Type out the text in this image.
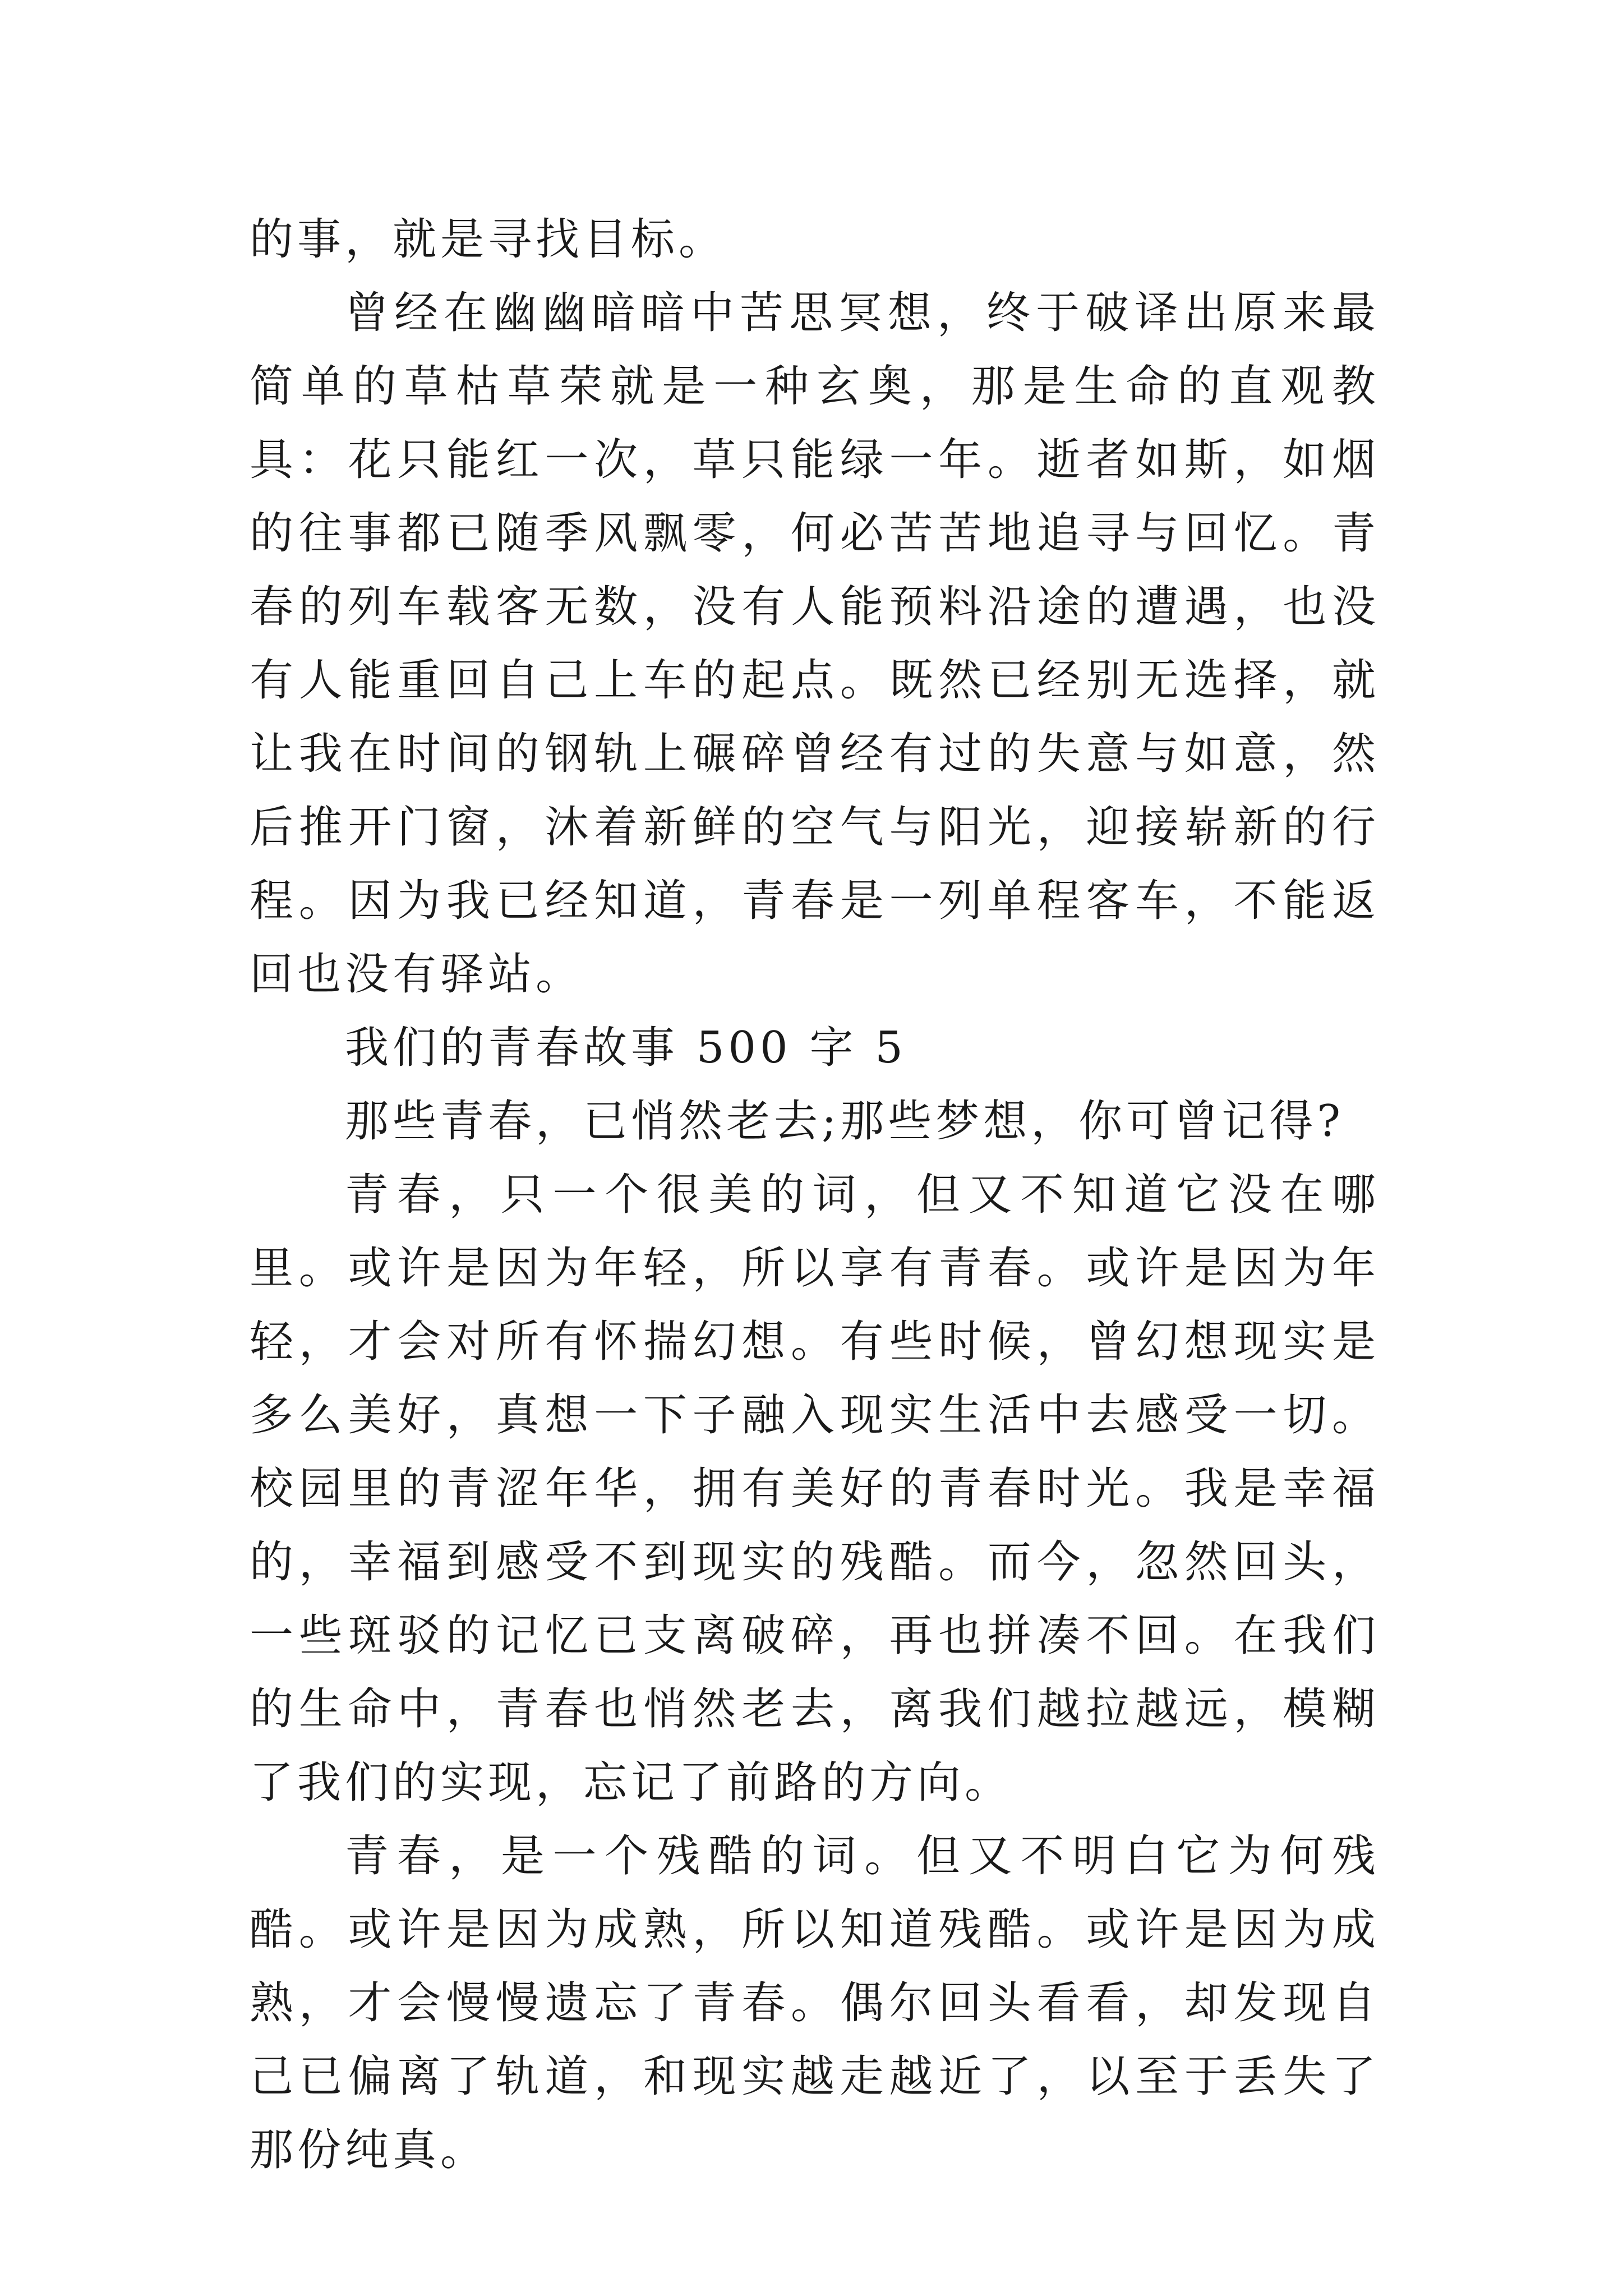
的事，就是寻找目标。

曾经在幽幽暗暗中苦思冥想，终于破译出原来最简单的草枯草荣就是一种玄奥，那是生命的直观教具：花只能红一次，草只能绿一年。逝者如斯，如烟的往事都已随季风飘零，何必苦苦地追寻与回忆。青春的列车载客无数，没有人能预料沿途的遭遇，也没有人能重回自己上车的起点。既然已经别无选择，就让我在时间的钢轨上碾碎曾经有过的失意与如意，然后推开门窗，沐着新鲜的空气与阳光，迎接崭新的行程。因为我已经知道，青春是一列单程客车，不能返回也没有驿站。

我们的青春故事 500 字 5

那些青春，已悄然老去;那些梦想，你可曾记得?

青春，只一个很美的词，但又不知道它没在哪里。或许是因为年轻，所以享有青春。或许是因为年轻，才会对所有怀揣幻想。有些时候，曾幻想现实是多么美好，真想一下子融入现实生活中去感受一切。校园里的青涩年华，拥有美好的青春时光。我是幸福的，幸福到感受不到现实的残酷。而今，忽然回头，一些斑驳的记忆已支离破碎，再也拼凑不回。在我们的生命中，青春也悄然老去，离我们越拉越远，模糊了我们的实现，忘记了前路的方向。

青春，是一个残酷的词。但又不明白它为何残酷。或许是因为成熟，所以知道残酷。或许是因为成熟，才会慢慢遗忘了青春。偶尔回头看看，却发现自己已偏离了轨道，和现实越走越近了，以至于丢失了那份纯真。
